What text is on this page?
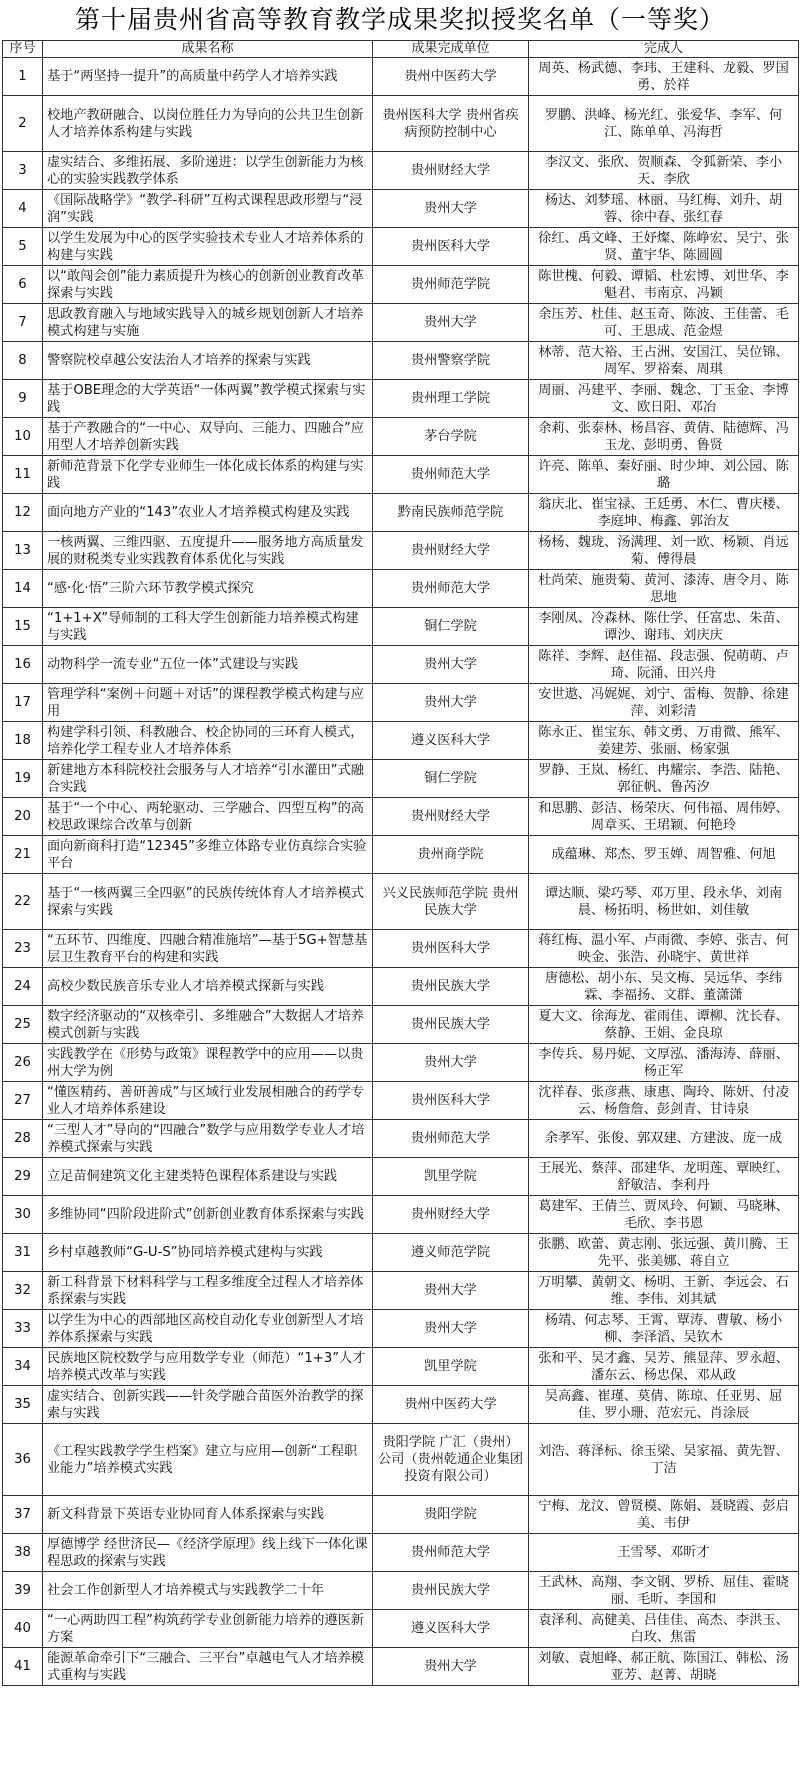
第十届贵州省高等教育教学成果奖拟授奖名单（一等奖）
序号	成果名称	成果完成单位	完成人
1	基于“两坚持一提升”的高质量中药学人才培养实践	贵州中医药大学	周英、杨武德、李玮、王建科、龙毅、罗国勇、於祥
2	校地产教研融合、以岗位胜任力为导向的公共卫生创新人才培养体系构建与实践	贵州医科大学 贵州省疾病预防控制中心	罗鹏、洪峰、杨光红、张爱华、李军、何江、陈单单、冯海哲
3	虚实结合、多维拓展、多阶递进：以学生创新能力为核心的实验实践教学体系	贵州财经大学	李汉文、张欣、贺顺森、令狐新荣、李小天、李欣
4	《国际战略学》“教学-科研”互构式课程思政形塑与“浸润”实践	贵州大学	杨达、刘梦瑶、林丽、马红梅、刘升、胡蓉、徐中春、张红春
5	以学生发展为中心的医学实验技术专业人才培养体系的构建与实践	贵州医科大学	徐红、禹文峰、王妤燦、陈峥宏、吴宁、张贤、董宇华、陈圆圆
6	以“敢闯会创”能力素质提升为核心的创新创业教育改革探索与实践	贵州师范学院	陈世槐、何毅、谭韬、杜宏博、刘世华、李魁君、韦南京、冯颖
7	思政教育融入与地域实践导入的城乡规划创新人才培养模式构建与实施	贵州大学	余压芳、杜佳、赵玉奇、陈波、王佳蕾、毛可、王思成、范金煜
8	警察院校卓越公安法治人才培养的探索与实践	贵州警察学院	林蒂、范大裕、王占洲、安国江、吴位锦、周军、罗裕秦、周琪
9	基于OBE理念的大学英语“一体两翼”教学模式探索与实践	贵州理工学院	周丽、冯建平、李丽、魏念、丁玉金、李博文、欧日阳、邓冶
10	基于产教融合的“一中心、双导向、三能力、四融合”应用型人才培养创新实践	茅台学院	余莉、张泰林、杨昌容、黄倩、陆德辉、冯玉龙、彭明勇、鲁贤
11	新师范背景下化学专业师生一体化成长体系的构建与实践	贵州师范大学	许亮、陈单、秦好丽、时少坤、刘公园、陈璐
12	面向地方产业的“143”农业人才培养模式构建及实践	黔南民族师范学院	翁庆北、崔宝禄、王廷勇、木仁、曹庆楼、李庭坤、梅鑫、郭治友
13	一核两翼、三维四驱、五度提升——服务地方高质量发展的财税类专业实践教育体系优化与实践	贵州财经大学	杨杨、魏珑、汤满理、刘一欧、杨颖、肖远菊、傅得晨
14	“感·化·悟”三阶六环节教学模式探究	贵州师范大学	杜尚荣、施贵菊、黄河、漆涛、唐令月、陈思地
15	“1+1+X”导师制的工科大学生创新能力培养模式构建与实践	铜仁学院	李刚凤、冷森林、陈仕学、任富忠、朱苗、谭沙、谢玮、刘庆庆
16	动物科学一流专业“五位一体”式建设与实践	贵州大学	陈祥、李辉、赵佳福、段志强、倪萌萌、卢琦、阮涌、田兴舟
17	管理学科“案例＋问题＋对话”的课程教学模式构建与应用	贵州大学	安世遨、冯娓娓、刘宁、雷梅、贺静、徐建萍、刘彩清
18	构建学科引领、科教融合、校企协同的三环育人模式，培养化学工程专业人才培养体系	遵义医科大学	陈永正、崔宝东、韩文勇、万甫微、熊军、姜建芳、张丽、杨家强
19	新建地方本科院校社会服务与人才培养“引水灌田”式融合实践	铜仁学院	罗静、王岚、杨红、冉耀宗、李浩、陆艳、郭征帆、鲁芮汐
20	基于“一个中心、两轮驱动、三学融合、四型互构”的高校思政课综合改革与创新	贵州财经大学	和思鹏、彭洁、杨荣庆、何伟福、周伟婷、周章买、王珺颖、何艳玲
21	面向新商科打造“12345”多维立体路专业仿真综合实验平台	贵州商学院	成蕴琳、郑杰、罗玉婵、周智雅、何旭
22	基于“一核两翼三全四驱”的民族传统体育人才培养模式探索与实践	兴义民族师范学院 贵州民族大学	谭达顺、梁巧琴、邓万里、段永华、刘南晨、杨拓明、杨世如、刘佳敏
23	“五环节、四维度、四融合精准施培”—基于5G+智慧基层卫生教育平台的构建和实践	贵州医科大学	蒋红梅、温小军、卢雨微、李婷、张吉、何映金、张浩、孙晓宇、黄世祥
24	高校少数民族音乐专业人才培养模式探新与实践	贵州民族大学	唐德松、胡小东、吴文梅、吴远华、李纬霖、李福扬、文群、董潇潇
25	数字经济驱动的“双核牵引、多维融合”大数据人才培养模式创新与实践	贵州民族大学	夏大文、徐海龙、霍雨佳、谭柳、沈长春、蔡静、王娟、金良琼
26	实践教学在《形势与政策》课程教学中的应用——以贵州大学为例	贵州大学	李传兵、易丹妮、文厚泓、潘海涛、薛丽、杨正军
27	“懂医精药、善研善成”与区域行业发展相融合的药学专业人才培养体系建设	贵州医科大学	沈祥春、张彦燕、康惠、陶玲、陈妍、付凌云、杨詹詹、彭剑青、甘诗泉
28	“三型人才”导向的“四融合”数学与应用数学专业人才培养模式探索与实践	贵州师范大学	余孝军、张俊、郭双建、方建波、庞一成
29	立足苗侗建筑文化主建类特色课程体系建设与实践	凯里学院	王展光、蔡萍、邵建华、龙明莲、覃映红、舒敏洁、李利丹
30	多维协同“四阶段进阶式”创新创业教育体系探索与实践	贵州财经大学	葛建军、王倩兰、贾凤玲、何颖、马晓琳、毛欣、李书恩
31	乡村卓越教师“G-U-S”协同培养模式建构与实践	遵义师范学院	张鹏、欧蕾、黄志刚、张远强、黄川腾、王先平、张美娜、蒋自立
32	新工科背景下材料科学与工程多维度全过程人才培养体系探索与实践	贵州大学	万明攀、黄朝文、杨明、王新、李远会、石维、李伟、刘其斌
33	以学生为中心的西部地区高校自动化专业创新型人才培养体系探索与实践	贵州大学	杨靖、何志琴、王霄、覃涛、曹敏、杨小柳、李泽滔、吴钦木
34	民族地区院校数学与应用数学专业（师范）“1+3”人才培养模式改革与实践	凯里学院	张和平、吴才鑫、吴芳、熊显萍、罗永超、潘东云、杨忠保、邓从政
35	虚实结合、创新实践——针灸学融合苗医外治教学的探索与实践	贵州中医药大学	吴高鑫、崔瑾、莫倩、陈琼、任亚男、屈佳、罗小珊、范宏元、肖涂辰
36	《工程实践教学学生档案》建立与应用—创新“工程职业能力”培养模式实践	贵阳学院 广汇（贵州）公司（贵州乾通企业集团投资有限公司）	刘浩、蒋泽标、徐玉梁、吴家福、黄先智、丁洁
37	新文科背景下英语专业协同育人体系探索与实践	贵阳学院	宁梅、龙汶、曾贤模、陈娟、聂晓霞、彭启美、韦伊
38	厚德博学 经世济民—《经济学原理》线上线下一体化课程思政的探索与实践	贵州师范大学	王雪琴、邓昕才
39	社会工作创新型人才培养模式与实践教学二十年	贵州民族大学	王武林、高翔、李文钢、罗桥、屈佳、霍晓丽、毛昕、李国和
40	“一心两助四工程”构筑药学专业创新能力培养的遵医新方案	遵义医科大学	袁泽利、高健美、吕佳佳、高杰、李洪玉、白玫、焦雷
41	能源革命牵引下“三融合、三平台”卓越电气人才培养模式重构与实践	贵州大学	刘敏、袁旭峰、郝正航、陈国江、韩松、汤亚芳、赵菁、胡晓
